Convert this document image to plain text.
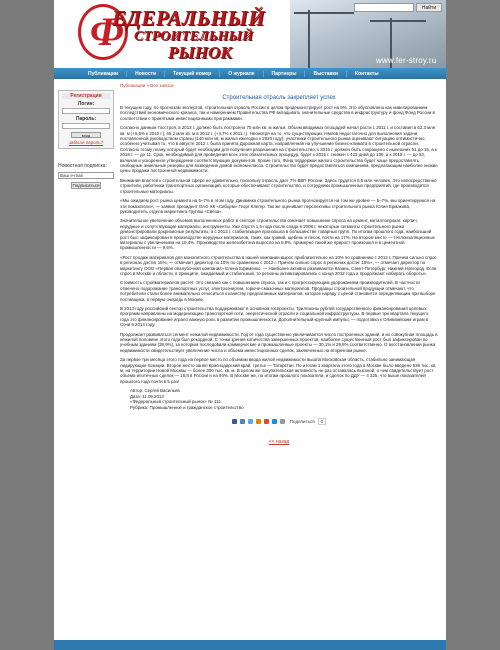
Ф
ЕДЕРАЛЬНЫЙ
СТРОИТЕЛЬНЫЙ
РЫНОК
Найти
www.fer-stroy.ru
Публикации	Новости	Текущий номер	О журнале	Партнеры	Выставки	Контакты
Регистрация
Логин:
Пароль:
вход
забыли пароль?
Новостная подписка:
Ваш e-mail
Подписаться
Публикации » Все записи
Строительная отрасль закрепляет успех
В текущем году, по прогнозам экспертов, строительная отрасль России в целом продемонстрирует рост на 9%. Это обусловлено как нивелированием последствий экономического кризиса, так и намерением Правительства РФ вкладывать значительные средства в инфраструктуру и фонд Фонд России в соответствии с принятыми инвестиционными программами.
Согласно данным Госстроя, в 2013 г. должно быть построено 70 млн кв. м жилья. Объем вводимых площадей начал расти с 2011 г. и составил в 62,3 млн кв. м (+6,6% к 2010 г.), 65,2 млн кв. м в 2012 г. (+4,7% к 2011 г.). Несмотря на то, что существующих темпов недостаточно для выполнения задачи, поставленной руководством страны (140 млн кв. м жилья ежегодно к 2020 году), участники строительного рынка оценивают ситуацию оптимистично, особенно учитывая то, что в августе 2012 г. была принята Дорожная карта, направленная на улучшение бизнес-климата в строительной отрасли. Согласно этому плану, который будет необходим для получения разрешения на строительство, к 2015 г. должен быть сокращено с нынешних 51 до 15, а к 2018 г. — до 11. Срок, необходимый для проведения всех этих обязательных процедур, будет к 2015 г. снижен с 423 дней до 130, а к 2018 г. — до 53, включая и ускоренное утверждение соответствующих документов. Кроме того, Фонд поддержки жилого строительства будет чаще предоставлять свободные земельные резервы для возведения домов эконом-класса. Строительство будет предоставляться компаниям, предлагающим наиболее низкие цены продажи построенной недвижимости.
Внимания властей к строительной сфере не удивительно, поскольку отрасль дает 7% ВВП России. Здесь трудятся 5,5 млн человек. Это непосредственно строители, работники транспортных организаций, которые обеспечивают строительство, и сотрудники промышленных предприятий, где производятся строительные материалы.
«Мы ожидаем рост рынка цемента на 5–7% в этом году. Динамика строительного рынка прогнозируется на том же уровне — 5–7%, мы ориентируемся на эти показатели», — заявил президент ОАО ХК «Сибцем» Георг Клегер. Так же оценивает перспективы строительного рынка Юлия Ермакова, руководитель отдела маркетинга Группы «Свеза».
Значительное увеличение объемов выполненных работ в секторе строительства означает повышение спроса на цемент, металлопрокат, кирпич, нерудные и сопутствующие материалы, инструменты. Уже спустя 1,5 года после спада в 2008 г. некоторые сегменты строительного рынка демонстрировали докризисные результаты, а с 2012 г. стабилизация произошла в большинстве товарных групп. По итогам прошлого года, наибольший рост был зафиксирован в производстве нерудных материалов, таких, как гравий, щебень и песок, почти на 17%. На втором месте — теплоизоляционные материалы с увеличением на 10,4%. Производство железобетона выросло на 6,9%, примерно такой же прирост произошел и в цементной промышленности — 9,5%.
«Рост продаж материалов для монолитного строительства в нашей компании вырос приблизительно на 10% по сравнению с 2012 г. Причем сильно спрос в регионах достиг 15%, — отмечает директор по 10% по сравнению с 2012 г. Причем сильно спрос в регионах достиг 15%», — отмечает директор по маркетингу ООО «Первая опалубочная компания» Елена Ефименко. — Наиболее активно развиваются Казань, Санкт-Петербург, Нижний Новгород. Если спрос в Москве и области, в принципе, ожидаемый и стабильный, то регионы активизировались с конца 2012 года и продолжают набирать обороты».
Стоимость стройматериалов растет. Это связано как с повышением спроса, так и с прогрессирующим удорожанием производителей. В частности отмечено подорожание транспортных услуг, электроэнергии, горюче-смазочных материалов. Продавцы строительной продукции отмечают, что потребители стали более внимательно относиться к качеству предлагаемых материалов, которое наряду с ценой становится определяющим при выборе поставщика, в первую очередь в Москве.
В 2013 году российский сектор строительства поддерживают в основном госпроекты. Триллионы рублей государственного финансирования целевых программ направлены на модернизацию транспортной сети, энергетической отрасли и социальной инфраструктуры. В первые три квартала текущего года это финансирование играло важную роль в развитии промышленности. Дополнительный крупный импульс — подготовка к Олимпийским играм в Сочи в 2014 году.
Продолжает развиваться сегмент нежилой недвижимости. Год от года существенно увеличивается число построенных зданий, и их совокупная площадь в нежилой половине этого года был рекордной. С точки зрения количества завершенных проектов, наиболее существенный рост был зафиксирован по учебным зданиям (38,9%), за которым последовали коммерческие и промышленные проекты — 30,1% и 29,8% соответственно. О восстановлении рынка недвижимости свидетельствует увеличение числа и объема инвестиционных сделок, заключенных на вторичном рынке.
За первое три месяца этого года на первое место по объемам ввода жилой недвижимости вышла Московская область, стабильно занимающая лидирующие позиции. Второе место занял Краснодарский край, третье — Татарстан. По итогам 1 квартала этого года в Москве было введено 636 тыс. кв. м, на территории Новой Москвы — более 300 тыс. кв. м. В целом же покупательская активность не раз оставалась высокой, о чем свидетельствует рост объема ипотечных сделок — 16,8 в России и на 94%. В Москве же, по итогам прошлого показатели, и сделок по ДДУ — 4 325, что выше показателей прошлого года почти в 5 раз!
Автор: Сергей Васильев
Дата: 11.09.2013
«Федеральный строительный рынок» № 111
Рубрика: Промышленное и гражданское строительство
Поделиться	0
<< назад
